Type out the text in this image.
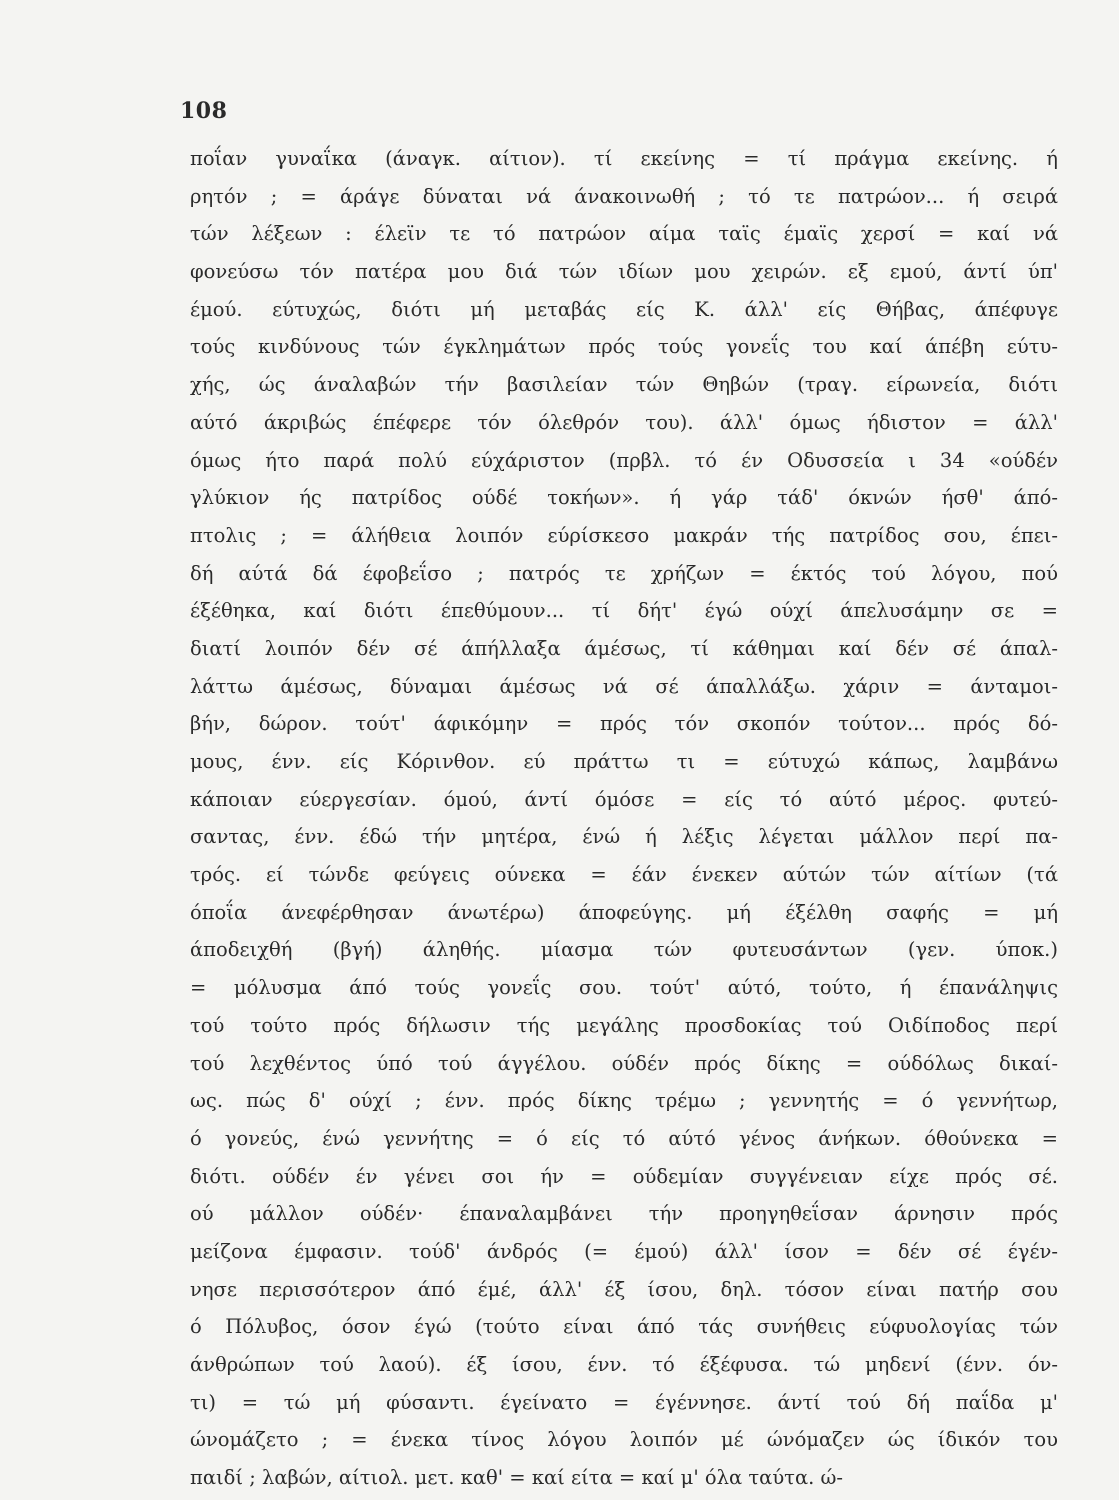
108
ποΐαν γυναΐκα (άναγκ. αίτιον). τί εκείνης = τί πράγμα εκείνης. ή
ρητόν ; = άράγε δύναται νά άνακοινωθή ; τό τε πατρώον... ή σειρά
τών λέξεων : έλεϊν τε τό πατρώον αίμα ταϊς έμαϊς χερσί = καί νά
φονεύσω τόν πατέρα μου διά τών ιδίων μου χειρών. εξ εμού, άντί ύπ'
έμού. εύτυχώς, διότι μή μεταβάς είς Κ. άλλ' είς Θήβας, άπέφυγε
τούς κινδύνους τών έγκλημάτων πρός τούς γονεΐς του καί άπέβη εύτυ-
χής, ώς άναλαβών τήν βασιλείαν τών Θηβών (τραγ. είρωνεία, διότι
αύτό άκριβώς έπέφερε τόν όλεθρόν του). άλλ' όμως ήδιστον = άλλ'
όμως ήτο παρά πολύ εύχάριστον (πρβλ. τό έν Οδυσσεία ι 34 «ούδέν
γλύκιον ής πατρίδος ούδέ τοκήων». ή γάρ τάδ' όκνών ήσθ' άπό-
πτολις ; = άλήθεια λοιπόν εύρίσκεσο μακράν τής πατρίδος σου, έπει-
δή αύτά δά έφοβεΐσο ; πατρός τε χρήζων = έκτός τού λόγου, πού
έξέθηκα, καί διότι έπεθύμουν... τί δήτ' έγώ ούχί άπελυσάμην σε =
διατί λοιπόν δέν σέ άπήλλαξα άμέσως, τί κάθημαι καί δέν σέ άπαλ-
λάττω άμέσως, δύναμαι άμέσως νά σέ άπαλλάξω. χάριν = άνταμοι-
βήν, δώρον. τούτ' άφικόμην = πρός τόν σκοπόν τούτον... πρός δό-
μους, ένν. είς Κόρινθον. εύ πράττω τι = εύτυχώ κάπως, λαμβάνω
κάποιαν εύεργεσίαν. όμού, άντί όμόσε = είς τό αύτό μέρος. φυτεύ-
σαντας, ένν. έδώ τήν μητέρα, ένώ ή λέξις λέγεται μάλλον περί πα-
τρός. εί τώνδε φεύγεις ούνεκα = έάν ένεκεν αύτών τών αίτίων (τά
όποΐα άνεφέρθησαν άνωτέρω) άποφεύγης. μή έξέλθη σαφής = μή
άποδειχθή (βγή) άληθής. μίασμα τών φυτευσάντων (γεν. ύποκ.)
= μόλυσμα άπό τούς γονεΐς σου. τούτ' αύτό, τούτο, ή έπανάληψις
τού τούτο πρός δήλωσιν τής μεγάλης προσδοκίας τού Οιδίποδος περί
τού λεχθέντος ύπό τού άγγέλου. ούδέν πρός δίκης = ούδόλως δικαί-
ως. πώς δ' ούχί ; ένν. πρός δίκης τρέμω ; γεννητής = ό γεννήτωρ,
ό γονεύς, ένώ γεννήτης = ό είς τό αύτό γένος άνήκων. όθούνεκα =
διότι. ούδέν έν γένει σοι ήν = ούδεμίαν συγγένειαν είχε πρός σέ.
ού μάλλον ούδέν· έπαναλαμβάνει τήν προηγηθεΐσαν άρνησιν πρός
μείζονα έμφασιν. τούδ' άνδρός (= έμού) άλλ' ίσον = δέν σέ έγέν-
νησε περισσότερον άπό έμέ, άλλ' έξ ίσου, δηλ. τόσον είναι πατήρ σου
ό Πόλυβος, όσον έγώ (τούτο είναι άπό τάς συνήθεις εύφυολογίας τών
άνθρώπων τού λαού). έξ ίσου, ένν. τό έξέφυσα. τώ μηδενί (ένν. όν-
τι) = τώ μή φύσαντι. έγείνατο = έγέννησε. άντί τού δή παΐδα μ'
ώνομάζετο ; = ένεκα τίνος λόγου λοιπόν μέ ώνόμαζεν ώς ίδικόν του
παιδί ; λαβών, αίτιολ. μετ. καθ' = καί είτα = καί μ' όλα ταύτα. ώ-
